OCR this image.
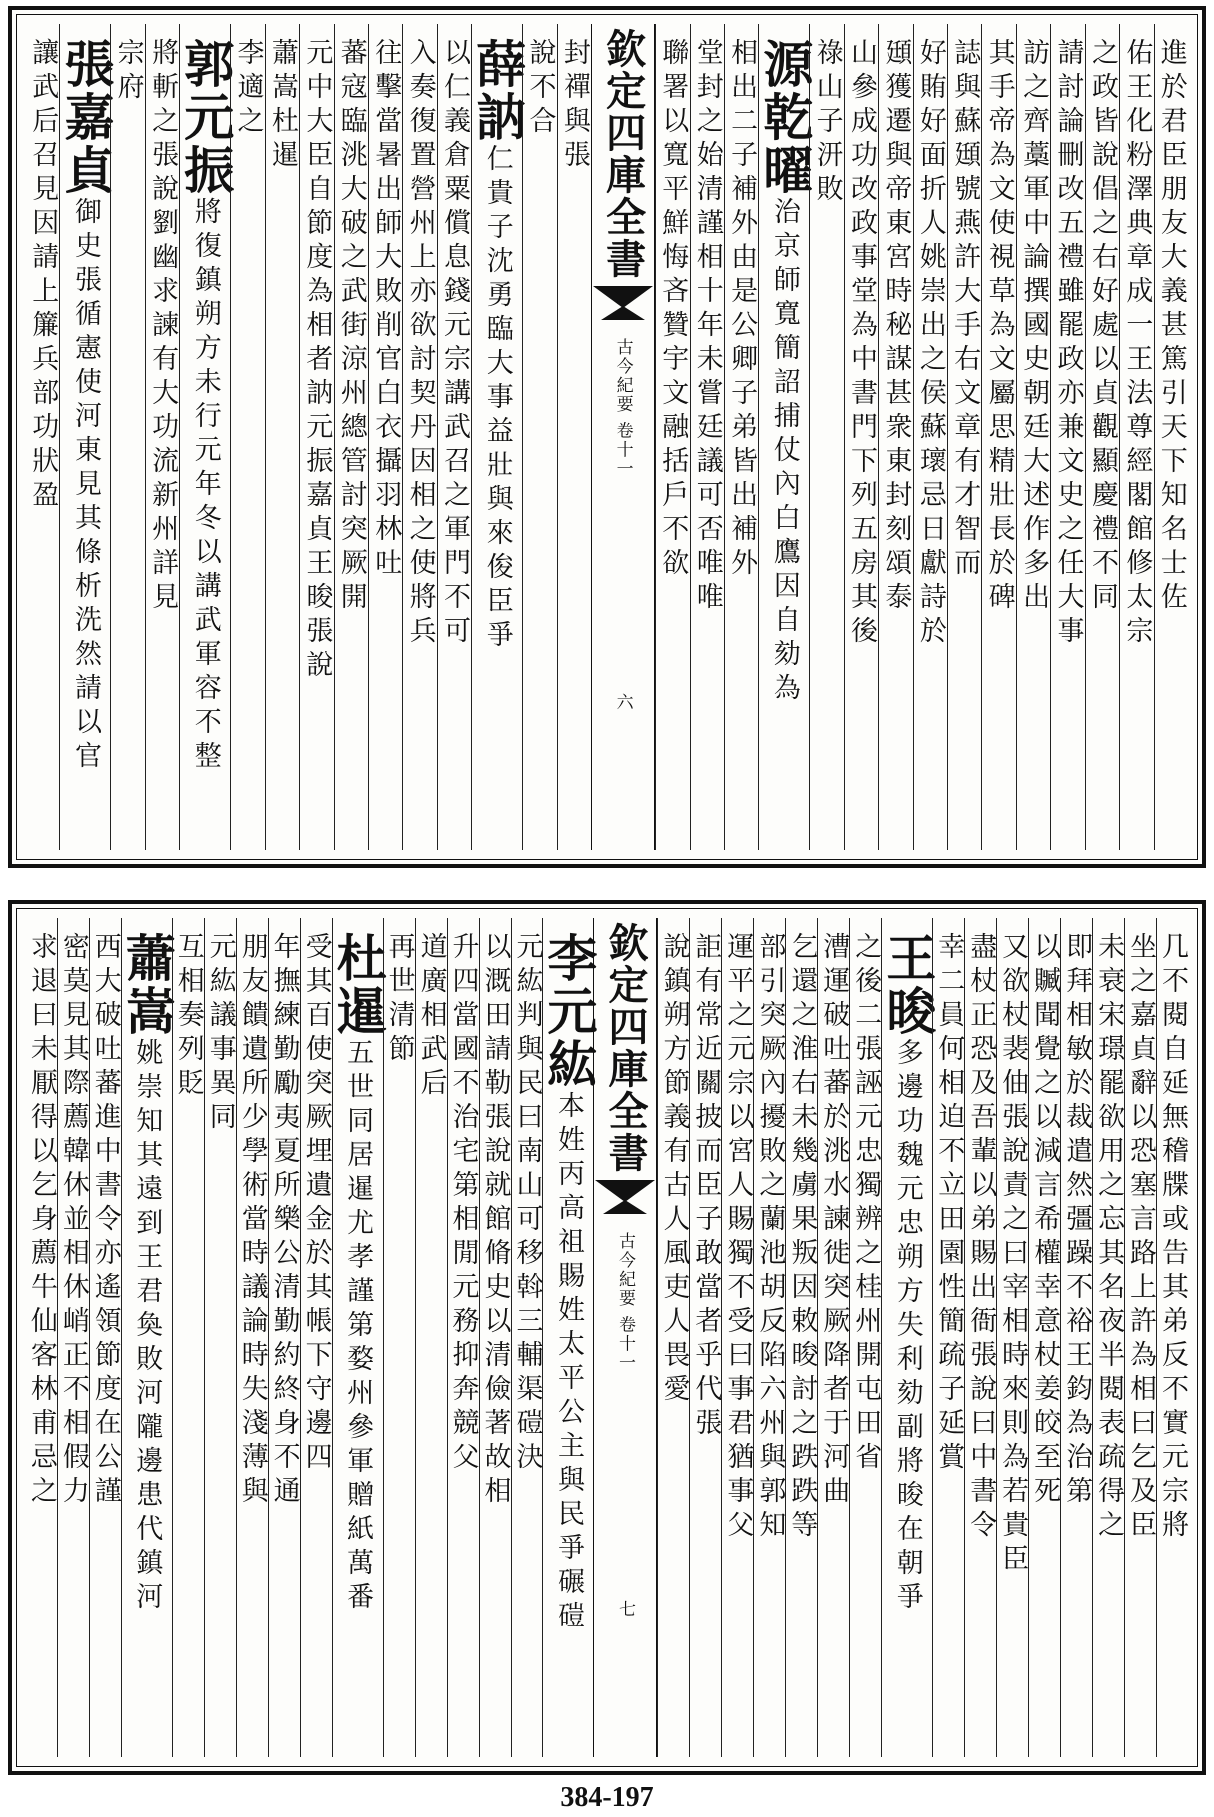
進於君臣朋友大義甚篤引天下知名士佐
佑王化粉澤典章成一王法尊經閣館修太宗
之政皆說倡之右好處以貞觀顯慶禮不同
請討論刪改五禮雖罷政亦兼文史之任大事
訪之齊藁軍中論撰國史朝廷大述作多出
其手帝為文使視草為文屬思精壯長於碑
誌與蘇頲號燕許大手右文章有才智而
好賄好面折人姚崇出之侯蘇瓌忌日獻詩於
頲獲遷與帝東宮時秘謀甚衆東封刻頌泰
山參成功改政事堂為中書門下列五房其後
祿山子汧敗
源乾曜
治京師寬簡詔捕仗內白鷹因自劾為
相出二子補外由是公卿子弟皆出補外
堂封之始清謹相十年未嘗廷議可否唯唯
聯署以寬平鮮悔吝贊宇文融括戶不欲
欽定四庫全書
古今紀要 卷十一
六
封禪與張
說不合
薛訥
仁貴子沈勇臨大事益壯與來俊臣爭
以仁義倉粟償息錢元宗講武召之軍門不可
入奏復置營州上亦欲討契丹因相之使將兵
往擊當暑出師大敗削官白衣攝羽林吐
蕃寇臨洮大破之武街涼州總管討突厥開
元中大臣自節度為相者訥元振嘉貞王晙張說
蕭嵩杜暹
李適之
郭元振
將復鎮朔方未行元年冬以講武軍容不整
將斬之張說劉幽求諫有大功流新州詳見
宗府
張嘉貞
御史張循憲使河東見其條析洗然請以官
讓武后召見因請上簾兵部功狀盈
几不閱自延無稽牒或告其弟反不實元宗將
坐之嘉貞辭以恐塞言路上許為相曰乞及臣
未衰宋璟罷欲用之忘其名夜半閱表疏得之
即拜相敏於裁遣然彊躁不裕王鈞為治第
以贓聞覺之以減言希權幸意杖姜皎至死
又欲杖裴伷張說責之曰宰相時來則為若貴臣
盡杖正恐及吾輩以弟賜出衙張說曰中書令
幸二員何相迫不立田園性簡疏子延賞
王晙
多邊功魏元忠朔方失利劾副將晙在朝爭
之後二張誣元忠獨辨之桂州開屯田省
漕運破吐蕃於洮水諫徙突厥降者于河曲
乞還之淮右未幾虜果叛因敕晙討之跌跌等
部引突厥內擾敗之蘭池胡反陷六州與郭知
運平之元宗以宮人賜獨不受曰事君猶事父
詎有常近關披而臣子敢當者乎代張
說鎮朔方節義有古人風吏人畏愛
欽定四庫全書
古今紀要 卷十一
七
李元紘
本姓丙高祖賜姓太平公主與民爭碾磑
元紘判與民曰南山可移斡三輔渠磑決
以溉田請勒張說就館脩史以清儉著故相
升四當國不治宅第相閒元務抑奔競父
道廣相武后
再世清節
杜暹
五世同居暹尤孝謹第婺州參軍贈紙萬番
受其百使突厥埋遺金於其帳下守邊四
年撫練勤勵夷夏所樂公清勤約終身不通
朋友饋遺所少學術當時議論時失淺薄與
元紘議事異同
互相奏列貶
蕭嵩
姚崇知其遠到王君奐敗河隴邊患代鎮河
西大破吐蕃進中書令亦遙領節度在公謹
密莫見其際薦韓休並相休峭正不相假力
求退曰未厭得以乞身薦牛仙客林甫忌之
384-197
